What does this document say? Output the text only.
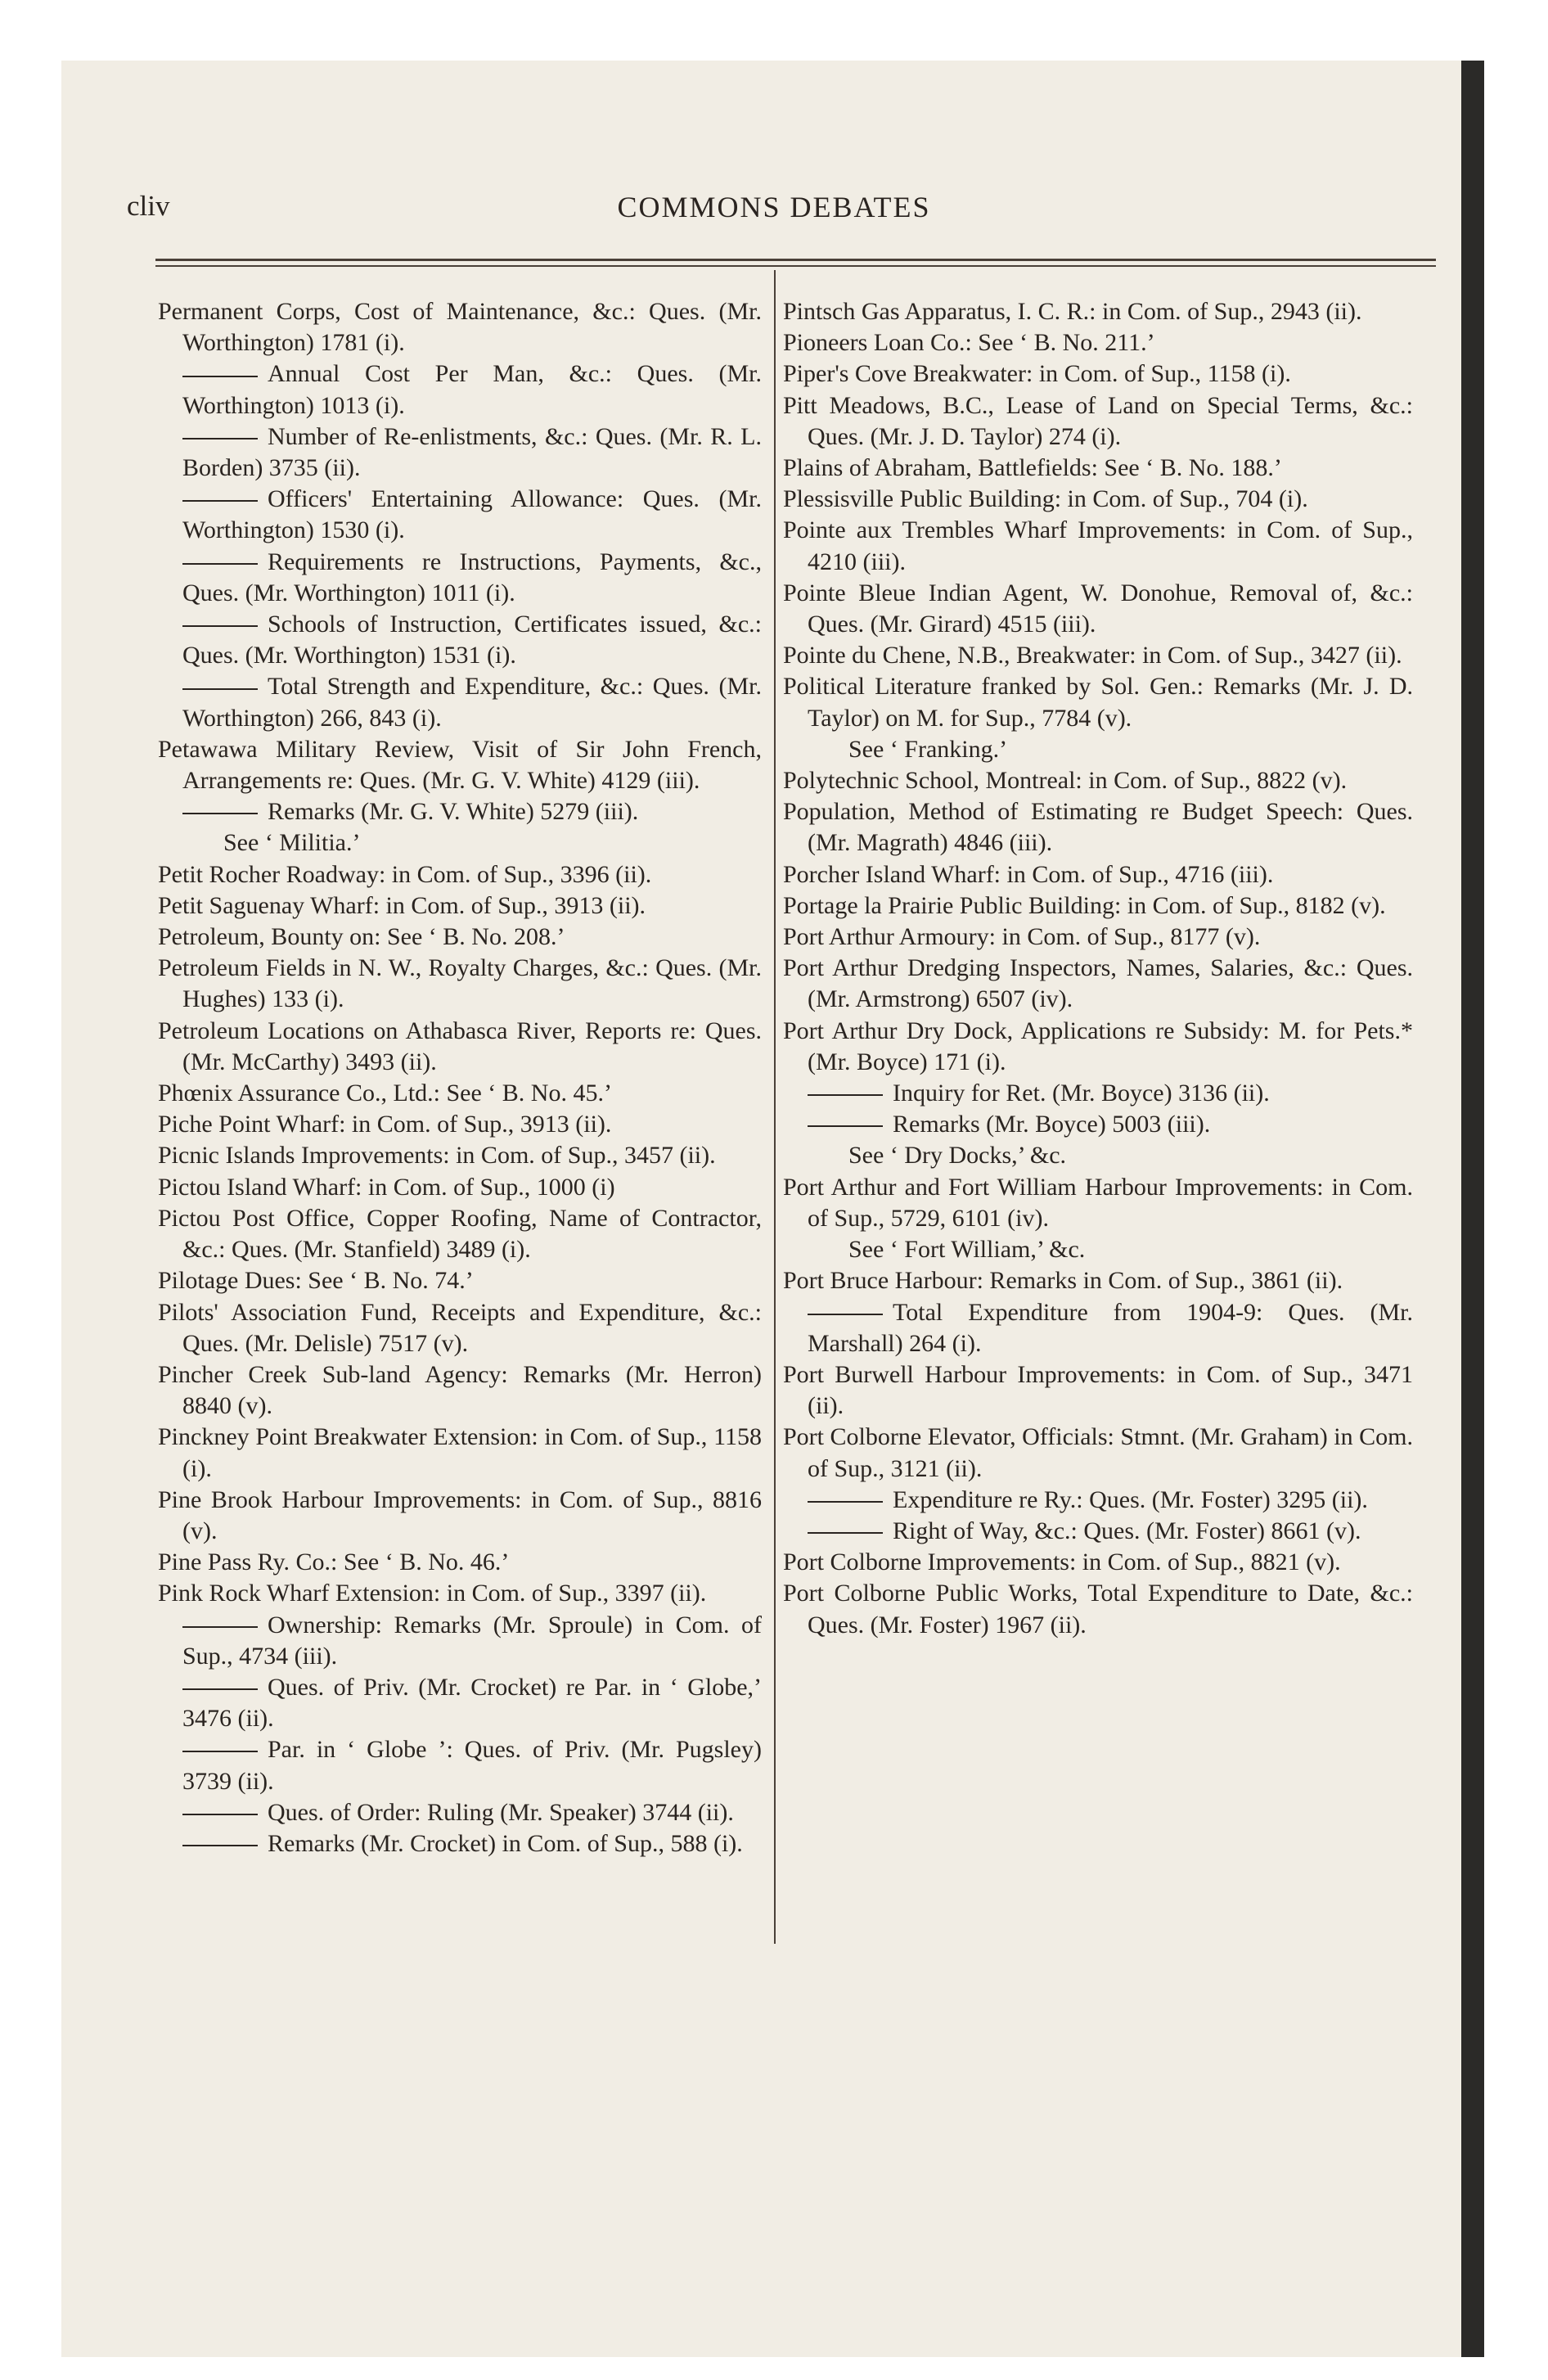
cliv	COMMONS DEBATES
Permanent Corps, Cost of Maintenance, &c.: Ques. (Mr. Worthington) 1781 (i).
Annual Cost Per Man, &c.: Ques. (Mr. Worthington) 1013 (i).
Number of Re-enlistments, &c.: Ques. (Mr. R. L. Borden) 3735 (ii).
Officers' Entertaining Allowance: Ques. (Mr. Worthington) 1530 (i).
Requirements re Instructions, Payments, &c., Ques. (Mr. Worthington) 1011 (i).
Schools of Instruction, Certificates issued, &c.: Ques. (Mr. Worthington) 1531 (i).
Total Strength and Expenditure, &c.: Ques. (Mr. Worthington) 266, 843 (i).
Petawawa Military Review, Visit of Sir John French, Arrangements re: Ques. (Mr. G. V. White) 4129 (iii).
Remarks (Mr. G. V. White) 5279 (iii).
See ‘ Militia.’
Petit Rocher Roadway: in Com. of Sup., 3396 (ii).
Petit Saguenay Wharf: in Com. of Sup., 3913 (ii).
Petroleum, Bounty on: See ‘ B. No. 208.’
Petroleum Fields in N. W., Royalty Charges, &c.: Ques. (Mr. Hughes) 133 (i).
Petroleum Locations on Athabasca River, Reports re: Ques. (Mr. McCarthy) 3493 (ii).
Phœnix Assurance Co., Ltd.: See ‘ B. No. 45.’
Piche Point Wharf: in Com. of Sup., 3913 (ii).
Picnic Islands Improvements: in Com. of Sup., 3457 (ii).
Pictou Island Wharf: in Com. of Sup., 1000 (i)
Pictou Post Office, Copper Roofing, Name of Contractor, &c.: Ques. (Mr. Stanfield) 3489 (i).
Pilotage Dues: See ‘ B. No. 74.’
Pilots' Association Fund, Receipts and Expenditure, &c.: Ques. (Mr. Delisle) 7517 (v).
Pincher Creek Sub-land Agency: Remarks (Mr. Herron) 8840 (v).
Pinckney Point Breakwater Extension: in Com. of Sup., 1158 (i).
Pine Brook Harbour Improvements: in Com. of Sup., 8816 (v).
Pine Pass Ry. Co.: See ‘ B. No. 46.’
Pink Rock Wharf Extension: in Com. of Sup., 3397 (ii).
Ownership: Remarks (Mr. Sproule) in Com. of Sup., 4734 (iii).
Ques. of Priv. (Mr. Crocket) re Par. in ‘ Globe,’ 3476 (ii).
Par. in ‘ Globe ’: Ques. of Priv. (Mr. Pugsley) 3739 (ii).
Ques. of Order: Ruling (Mr. Speaker) 3744 (ii).
Remarks (Mr. Crocket) in Com. of Sup., 588 (i).
Pintsch Gas Apparatus, I. C. R.: in Com. of Sup., 2943 (ii).
Pioneers Loan Co.: See ‘ B. No. 211.’
Piper's Cove Breakwater: in Com. of Sup., 1158 (i).
Pitt Meadows, B.C., Lease of Land on Special Terms, &c.: Ques. (Mr. J. D. Taylor) 274 (i).
Plains of Abraham, Battlefields: See ‘ B. No. 188.’
Plessisville Public Building: in Com. of Sup., 704 (i).
Pointe aux Trembles Wharf Improvements: in Com. of Sup., 4210 (iii).
Pointe Bleue Indian Agent, W. Donohue, Removal of, &c.: Ques. (Mr. Girard) 4515 (iii).
Pointe du Chene, N.B., Breakwater: in Com. of Sup., 3427 (ii).
Political Literature franked by Sol. Gen.: Remarks (Mr. J. D. Taylor) on M. for Sup., 7784 (v).
See ‘ Franking.’
Polytechnic School, Montreal: in Com. of Sup., 8822 (v).
Population, Method of Estimating re Budget Speech: Ques. (Mr. Magrath) 4846 (iii).
Porcher Island Wharf: in Com. of Sup., 4716 (iii).
Portage la Prairie Public Building: in Com. of Sup., 8182 (v).
Port Arthur Armoury: in Com. of Sup., 8177 (v).
Port Arthur Dredging Inspectors, Names, Salaries, &c.: Ques. (Mr. Armstrong) 6507 (iv).
Port Arthur Dry Dock, Applications re Subsidy: M. for Pets.* (Mr. Boyce) 171 (i).
Inquiry for Ret. (Mr. Boyce) 3136 (ii).
Remarks (Mr. Boyce) 5003 (iii).
See ‘ Dry Docks,’ &c.
Port Arthur and Fort William Harbour Improvements: in Com. of Sup., 5729, 6101 (iv).
See ‘ Fort William,’ &c.
Port Bruce Harbour: Remarks in Com. of Sup., 3861 (ii).
Total Expenditure from 1904-9: Ques. (Mr. Marshall) 264 (i).
Port Burwell Harbour Improvements: in Com. of Sup., 3471 (ii).
Port Colborne Elevator, Officials: Stmnt. (Mr. Graham) in Com. of Sup., 3121 (ii).
Expenditure re Ry.: Ques. (Mr. Foster) 3295 (ii).
Right of Way, &c.: Ques. (Mr. Foster) 8661 (v).
Port Colborne Improvements: in Com. of Sup., 8821 (v).
Port Colborne Public Works, Total Expenditure to Date, &c.: Ques. (Mr. Foster) 1967 (ii).
